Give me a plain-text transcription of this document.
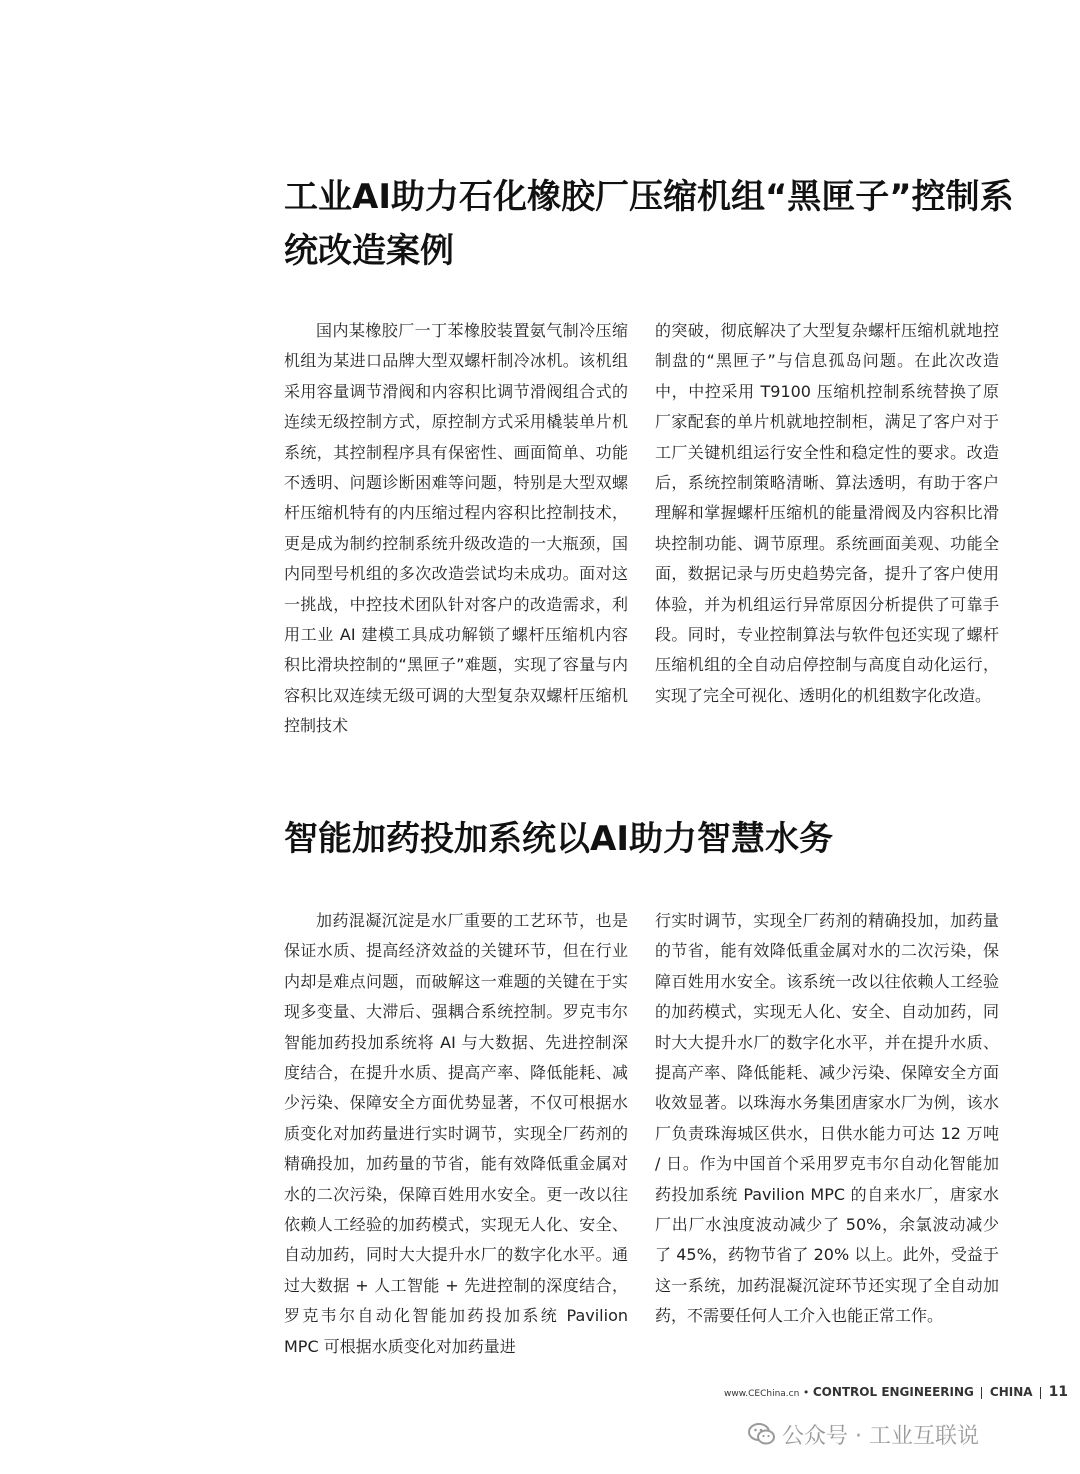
工业AI助力石化橡胶厂压缩机组“黑匣子”控制系统改造案例

国内某橡胶厂一丁苯橡胶装置氨气制冷压缩机组为某进口品牌大型双螺杆制冷冰机。该机组采用容量调节滑阀和内容积比调节滑阀组合式的连续无级控制方式，原控制方式采用橇装单片机系统，其控制程序具有保密性、画面简单、功能不透明、问题诊断困难等问题，特别是大型双螺杆压缩机特有的内压缩过程内容积比控制技术，更是成为制约控制系统升级改造的一大瓶颈，国内同型号机组的多次改造尝试均未成功。面对这一挑战，中控技术团队针对客户的改造需求，利用工业 AI 建模工具成功解锁了螺杆压缩机内容积比滑块控制的“黑匣子”难题，实现了容量与内容积比双连续无级可调的大型复杂双螺杆压缩机控制技术

的突破，彻底解决了大型复杂螺杆压缩机就地控制盘的“黑匣子”与信息孤岛问题。在此次改造中，中控采用 T9100 压缩机控制系统替换了原厂家配套的单片机就地控制柜，满足了客户对于工厂关键机组运行安全性和稳定性的要求。改造后，系统控制策略清晰、算法透明，有助于客户理解和掌握螺杆压缩机的能量滑阀及内容积比滑块控制功能、调节原理。系统画面美观、功能全面，数据记录与历史趋势完备，提升了客户使用体验，并为机组运行异常原因分析提供了可靠手段。同时，专业控制算法与软件包还实现了螺杆压缩机组的全自动启停控制与高度自动化运行，实现了完全可视化、透明化的机组数字化改造。

智能加药投加系统以AI助力智慧水务

加药混凝沉淀是水厂重要的工艺环节，也是保证水质、提高经济效益的关键环节，但在行业内却是难点问题，而破解这一难题的关键在于实现多变量、大滞后、强耦合系统控制。罗克韦尔智能加药投加系统将 AI 与大数据、先进控制深度结合，在提升水质、提高产率、降低能耗、减少污染、保障安全方面优势显著，不仅可根据水质变化对加药量进行实时调节，实现全厂药剂的精确投加，加药量的节省，能有效降低重金属对水的二次污染，保障百姓用水安全。更一改以往依赖人工经验的加药模式，实现无人化、安全、自动加药，同时大大提升水厂的数字化水平。通过大数据 + 人工智能 + 先进控制的深度结合，罗克韦尔自动化智能加药投加系统 Pavilion MPC 可根据水质变化对加药量进

行实时调节，实现全厂药剂的精确投加，加药量的节省，能有效降低重金属对水的二次污染，保障百姓用水安全。该系统一改以往依赖人工经验的加药模式，实现无人化、安全、自动加药，同时大大提升水厂的数字化水平，并在提升水质、提高产率、降低能耗、减少污染、保障安全方面收效显著。以珠海水务集团唐家水厂为例，该水厂负责珠海城区供水，日供水能力可达 12 万吨 / 日。作为中国首个采用罗克韦尔自动化智能加药投加系统 Pavilion MPC 的自来水厂，唐家水厂出厂水浊度波动减少了 50%，余氯波动减少了 45%，药物节省了 20% 以上。此外，受益于这一系统，加药混凝沉淀环节还实现了全自动加药，不需要任何人工介入也能正常工作。

www.CEChina.cn • CONTROL ENGINEERING CHINA 11
公众号 · 工业互联说
